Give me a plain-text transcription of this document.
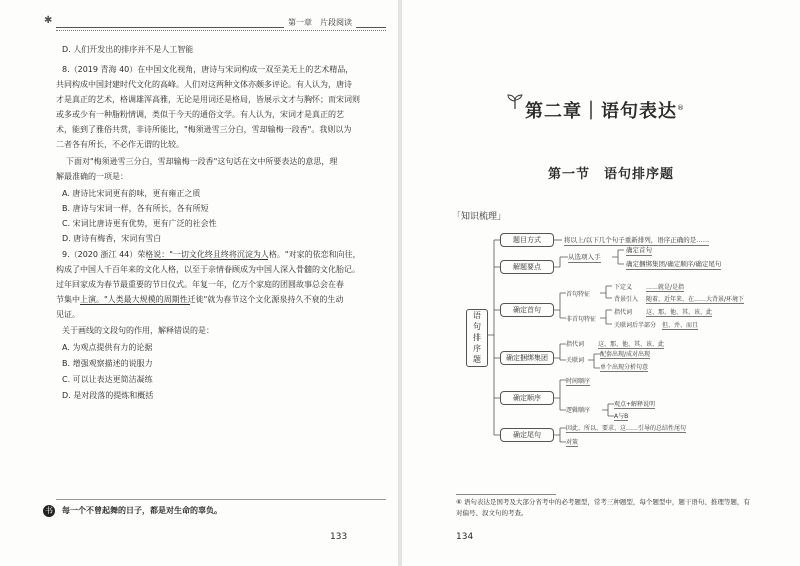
✱	第一章　片段阅读
D. 人们开发出的排序并不是人工智能
8.（2019 青海 40）在中国文化视角，唐诗与宋词构成一双至美无上的艺术精品，
共同构成中国封建时代文化的高峰。人们对这两种文体亦颇多评论。有人认为，唐诗
才是真正的艺术，格调雄浑高雅，无论是用词还是格局，皆展示文才与胸怀；而宋词则
或多或少有一种脂粉情调，类似于今天的通俗文学。有人认为，宋词才是真正的艺
术，能到了雅俗共赏，非诗所能比，"梅须逊雪三分白，雪却输梅一段香"。我则以为
二者各有所长，不必作无谓的比较。
下面对"梅须逊雪三分白，雪却输梅一段香"这句话在文中所要表达的意思，理
解最准确的一项是：
A. 唐诗比宋词更有韵味，更有雍正之质
B. 唐诗与宋词一样，各有所长，各有所短
C. 宋词比唐诗更有优势，更有广泛的社会性
D. 唐诗有梅香，宋词有雪白
9.（2020 浙江 44）荣格说："一切文化终且终将沉淀为人格。"对家的依恋和向往，
构成了中国人千百年来的文化人格，以至于亲情眷顾成为中国人深入骨髓的文化胎记。
过年回家成为春节最重要的节日仪式。年复一年，亿万个家庭的团圆故事总会在春
节集中上演。"人类最大规模的周期性迁徙"就为春节这个文化源泉持久不衰的生动
见证。
关于画线的文段句的作用，解释错误的是：
A. 为观点提供有力的论据
B. 增强观察描述的说服力
C. 可以让表达更简洁凝练
D. 是对段落的提炼和概括
书 每一个不曾起舞的日子，都是对生命的辜负。
133
第二章｜语句表达®
第一节　语句排序题
「知识梳理」
语
句
排
序
题
题目方式
解题要点
确定首句
确定捆绑集团
确定顺序
确定尾句
将以上/以下几个句子重新排列，语序正确的是……
从选项入手
确定首句
确定捆绑集团/确定顺序/确定尾句
首句特征
下定义 ……就是/是指
背景引入 随着、近年来、在……大背景/环境下
非首句特征
指代词 这、那、他、其、该、此
关联词后半部分 但、并、而且
指代词 这、那、他、其、该、此
关联词
配套出现/成对出现
单个出现分析句意
时间顺序
逻辑顺序
观点+解释说明
A与B
因此、所以、要求、这……引导的总结性尾句
对策
⑥ 语句表达是国考及大部分省考中的必考题型，常考三种题型，每个题型中，题干语句、推理等题，有对偏号、叙文句的考查。
134
